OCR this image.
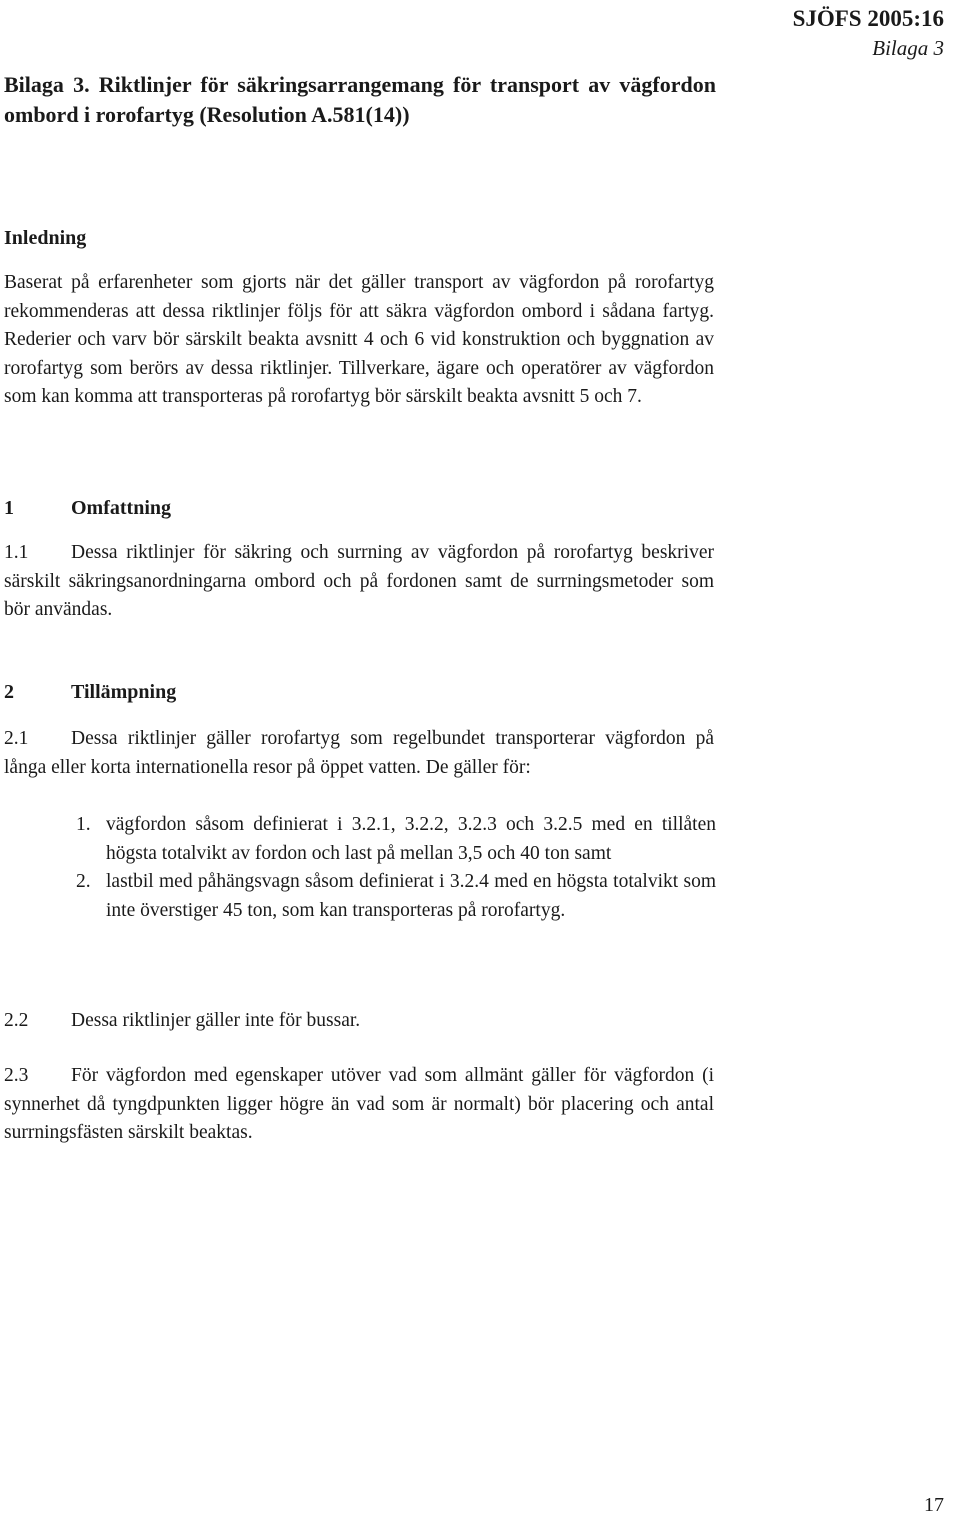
SJÖFS 2005:16
Bilaga 3
Bilaga 3. Riktlinjer för säkringsarrangemang för transport av vägfordon ombord i rorofartyg (Resolution A.581(14))
Inledning

Baserat på erfarenheter som gjorts när det gäller transport av vägfordon på rorofartyg rekommenderas att dessa riktlinjer följs för att säkra vägfordon ombord i sådana fartyg. Rederier och varv bör särskilt beakta avsnitt 4 och 6 vid konstruktion och byggnation av rorofartyg som berörs av dessa riktlinjer. Tillverkare, ägare och operatörer av vägfordon som kan komma att transporteras på rorofartyg bör särskilt beakta avsnitt 5 och 7.

1	Omfattning

1.1 Dessa riktlinjer för säkring och surrning av vägfordon på rorofartyg beskriver särskilt säkringsanordningarna ombord och på fordonen samt de surrningsmetoder som bör användas.

2	Tillämpning

2.1 Dessa riktlinjer gäller rorofartyg som regelbundet transporterar vägfordon på långa eller korta internationella resor på öppet vatten. De gäller för:

1. vägfordon såsom definierat i 3.2.1, 3.2.2, 3.2.3 och 3.2.5 med en tillåten högsta totalvikt av fordon och last på mellan 3,5 och 40 ton samt
2. lastbil med påhängsvagn såsom definierat i 3.2.4 med en högsta totalvikt som inte överstiger 45 ton, som kan transporteras på rorofartyg.

2.2 Dessa riktlinjer gäller inte för bussar.

2.3 För vägfordon med egenskaper utöver vad som allmänt gäller för vägfordon (i synnerhet då tyngdpunkten ligger högre än vad som är normalt) bör placering och antal surrningsfästen särskilt beaktas.

17
